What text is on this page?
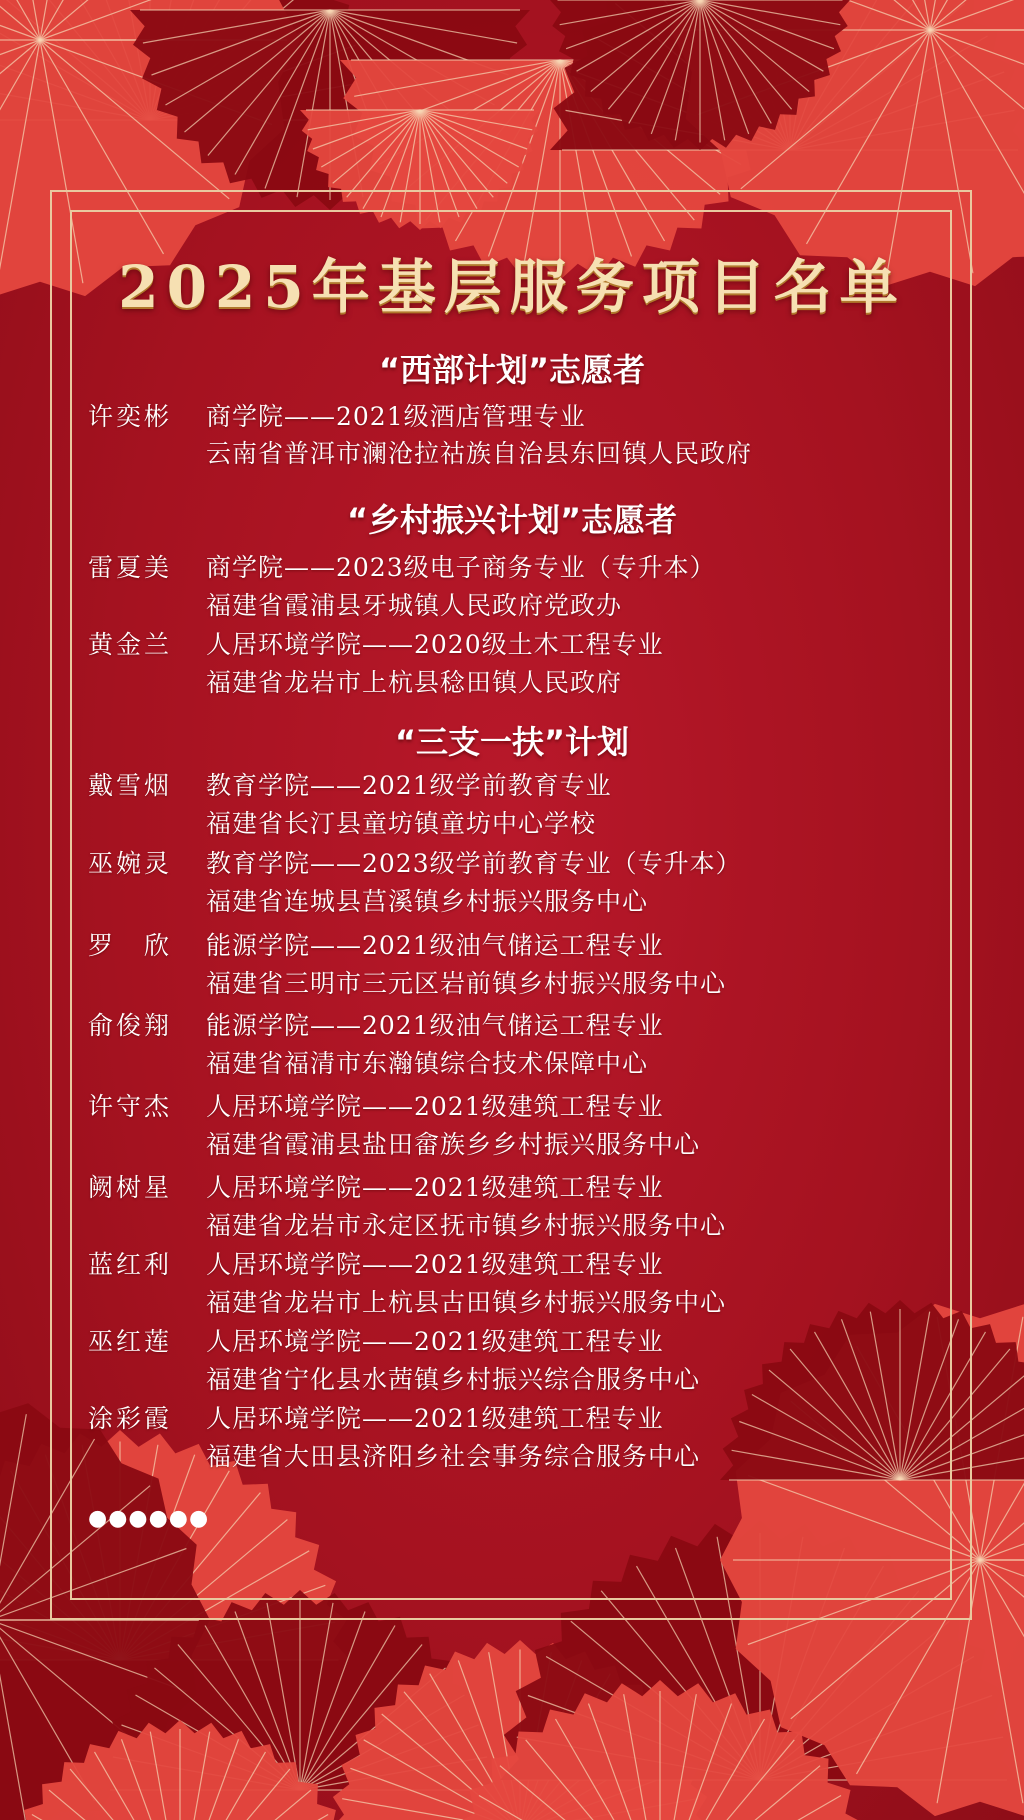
2025年基层服务项目名单
“西部计划”志愿者
许奕彬 商学院——2021级酒店管理专业
云南省普洱市澜沧拉祜族自治县东回镇人民政府
“乡村振兴计划”志愿者
雷夏美 商学院——2023级电子商务专业（专升本）
福建省霞浦县牙城镇人民政府党政办
黄金兰 人居环境学院——2020级土木工程专业
福建省龙岩市上杭县稔田镇人民政府
“三支一扶”计划
戴雪烟 教育学院——2021级学前教育专业
福建省长汀县童坊镇童坊中心学校
巫婉灵 教育学院——2023级学前教育专业（专升本）
福建省连城县莒溪镇乡村振兴服务中心
罗　欣 能源学院——2021级油气储运工程专业
福建省三明市三元区岩前镇乡村振兴服务中心
俞俊翔 能源学院——2021级油气储运工程专业
福建省福清市东瀚镇综合技术保障中心
许守杰 人居环境学院——2021级建筑工程专业
福建省霞浦县盐田畲族乡乡村振兴服务中心
阙树星 人居环境学院——2021级建筑工程专业
福建省龙岩市永定区抚市镇乡村振兴服务中心
蓝红利 人居环境学院——2021级建筑工程专业
福建省龙岩市上杭县古田镇乡村振兴服务中心
巫红莲 人居环境学院——2021级建筑工程专业
福建省宁化县水茜镇乡村振兴综合服务中心
涂彩霞 人居环境学院——2021级建筑工程专业
福建省大田县济阳乡社会事务综合服务中心
●●●●●●
